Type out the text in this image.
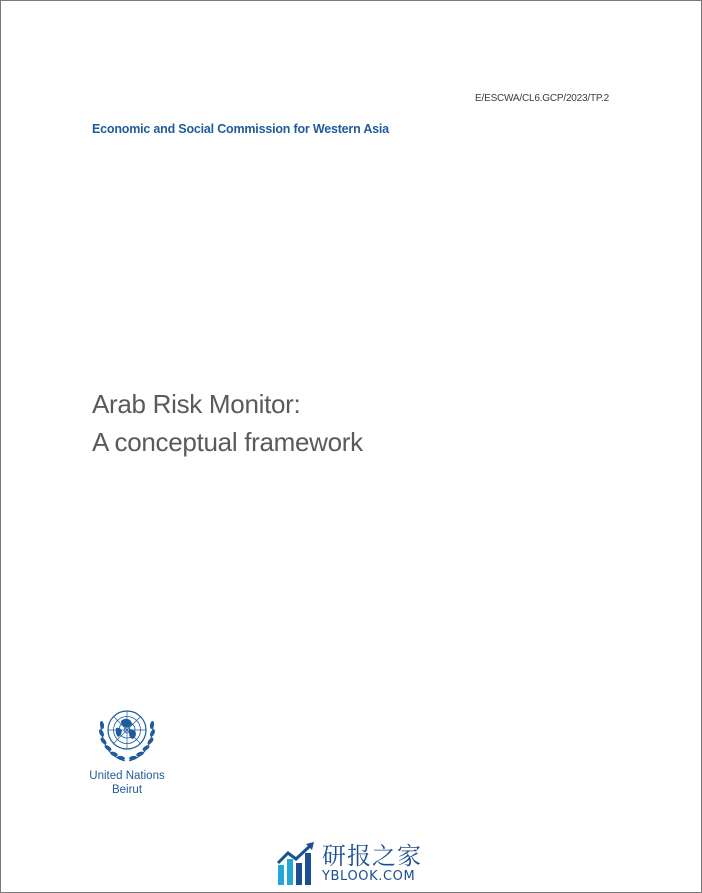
E/ESCWA/CL6.GCP/2023/TP.2
Economic and Social Commission for Western Asia
Arab Risk Monitor:
A conceptual framework
United Nations
Beirut
研报之家
YBLOOK.COM
